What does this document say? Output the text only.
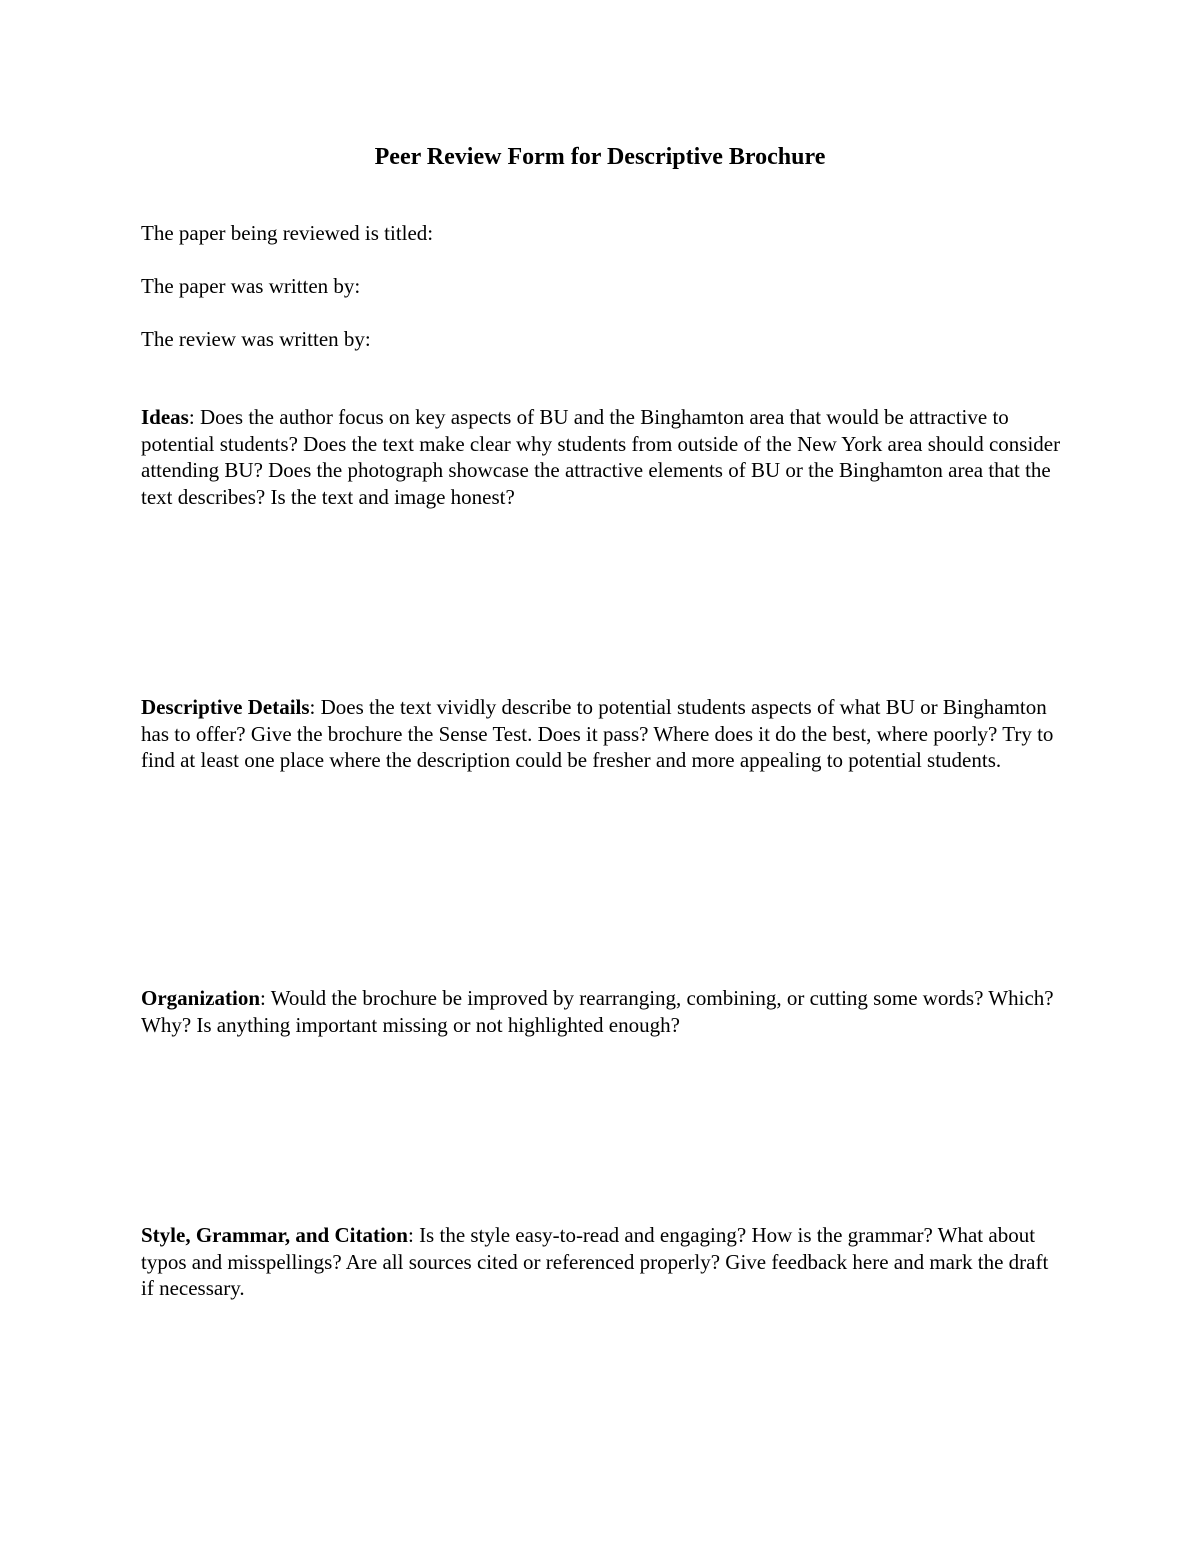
Peer Review Form for Descriptive Brochure

The paper being reviewed is titled:

The paper was written by:

The review was written by:

Ideas: Does the author focus on key aspects of BU and the Binghamton area that would be attractive to potential students? Does the text make clear why students from outside of the New York area should consider attending BU? Does the photograph showcase the attractive elements of BU or the Binghamton area that the text describes? Is the text and image honest?

Descriptive Details: Does the text vividly describe to potential students aspects of what BU or Binghamton has to offer? Give the brochure the Sense Test. Does it pass? Where does it do the best, where poorly? Try to find at least one place where the description could be fresher and more appealing to potential students.

Organization: Would the brochure be improved by rearranging, combining, or cutting some words? Which? Why? Is anything important missing or not highlighted enough?

Style, Grammar, and Citation: Is the style easy-to-read and engaging? How is the grammar? What about typos and misspellings? Are all sources cited or referenced properly? Give feedback here and mark the draft if necessary.
